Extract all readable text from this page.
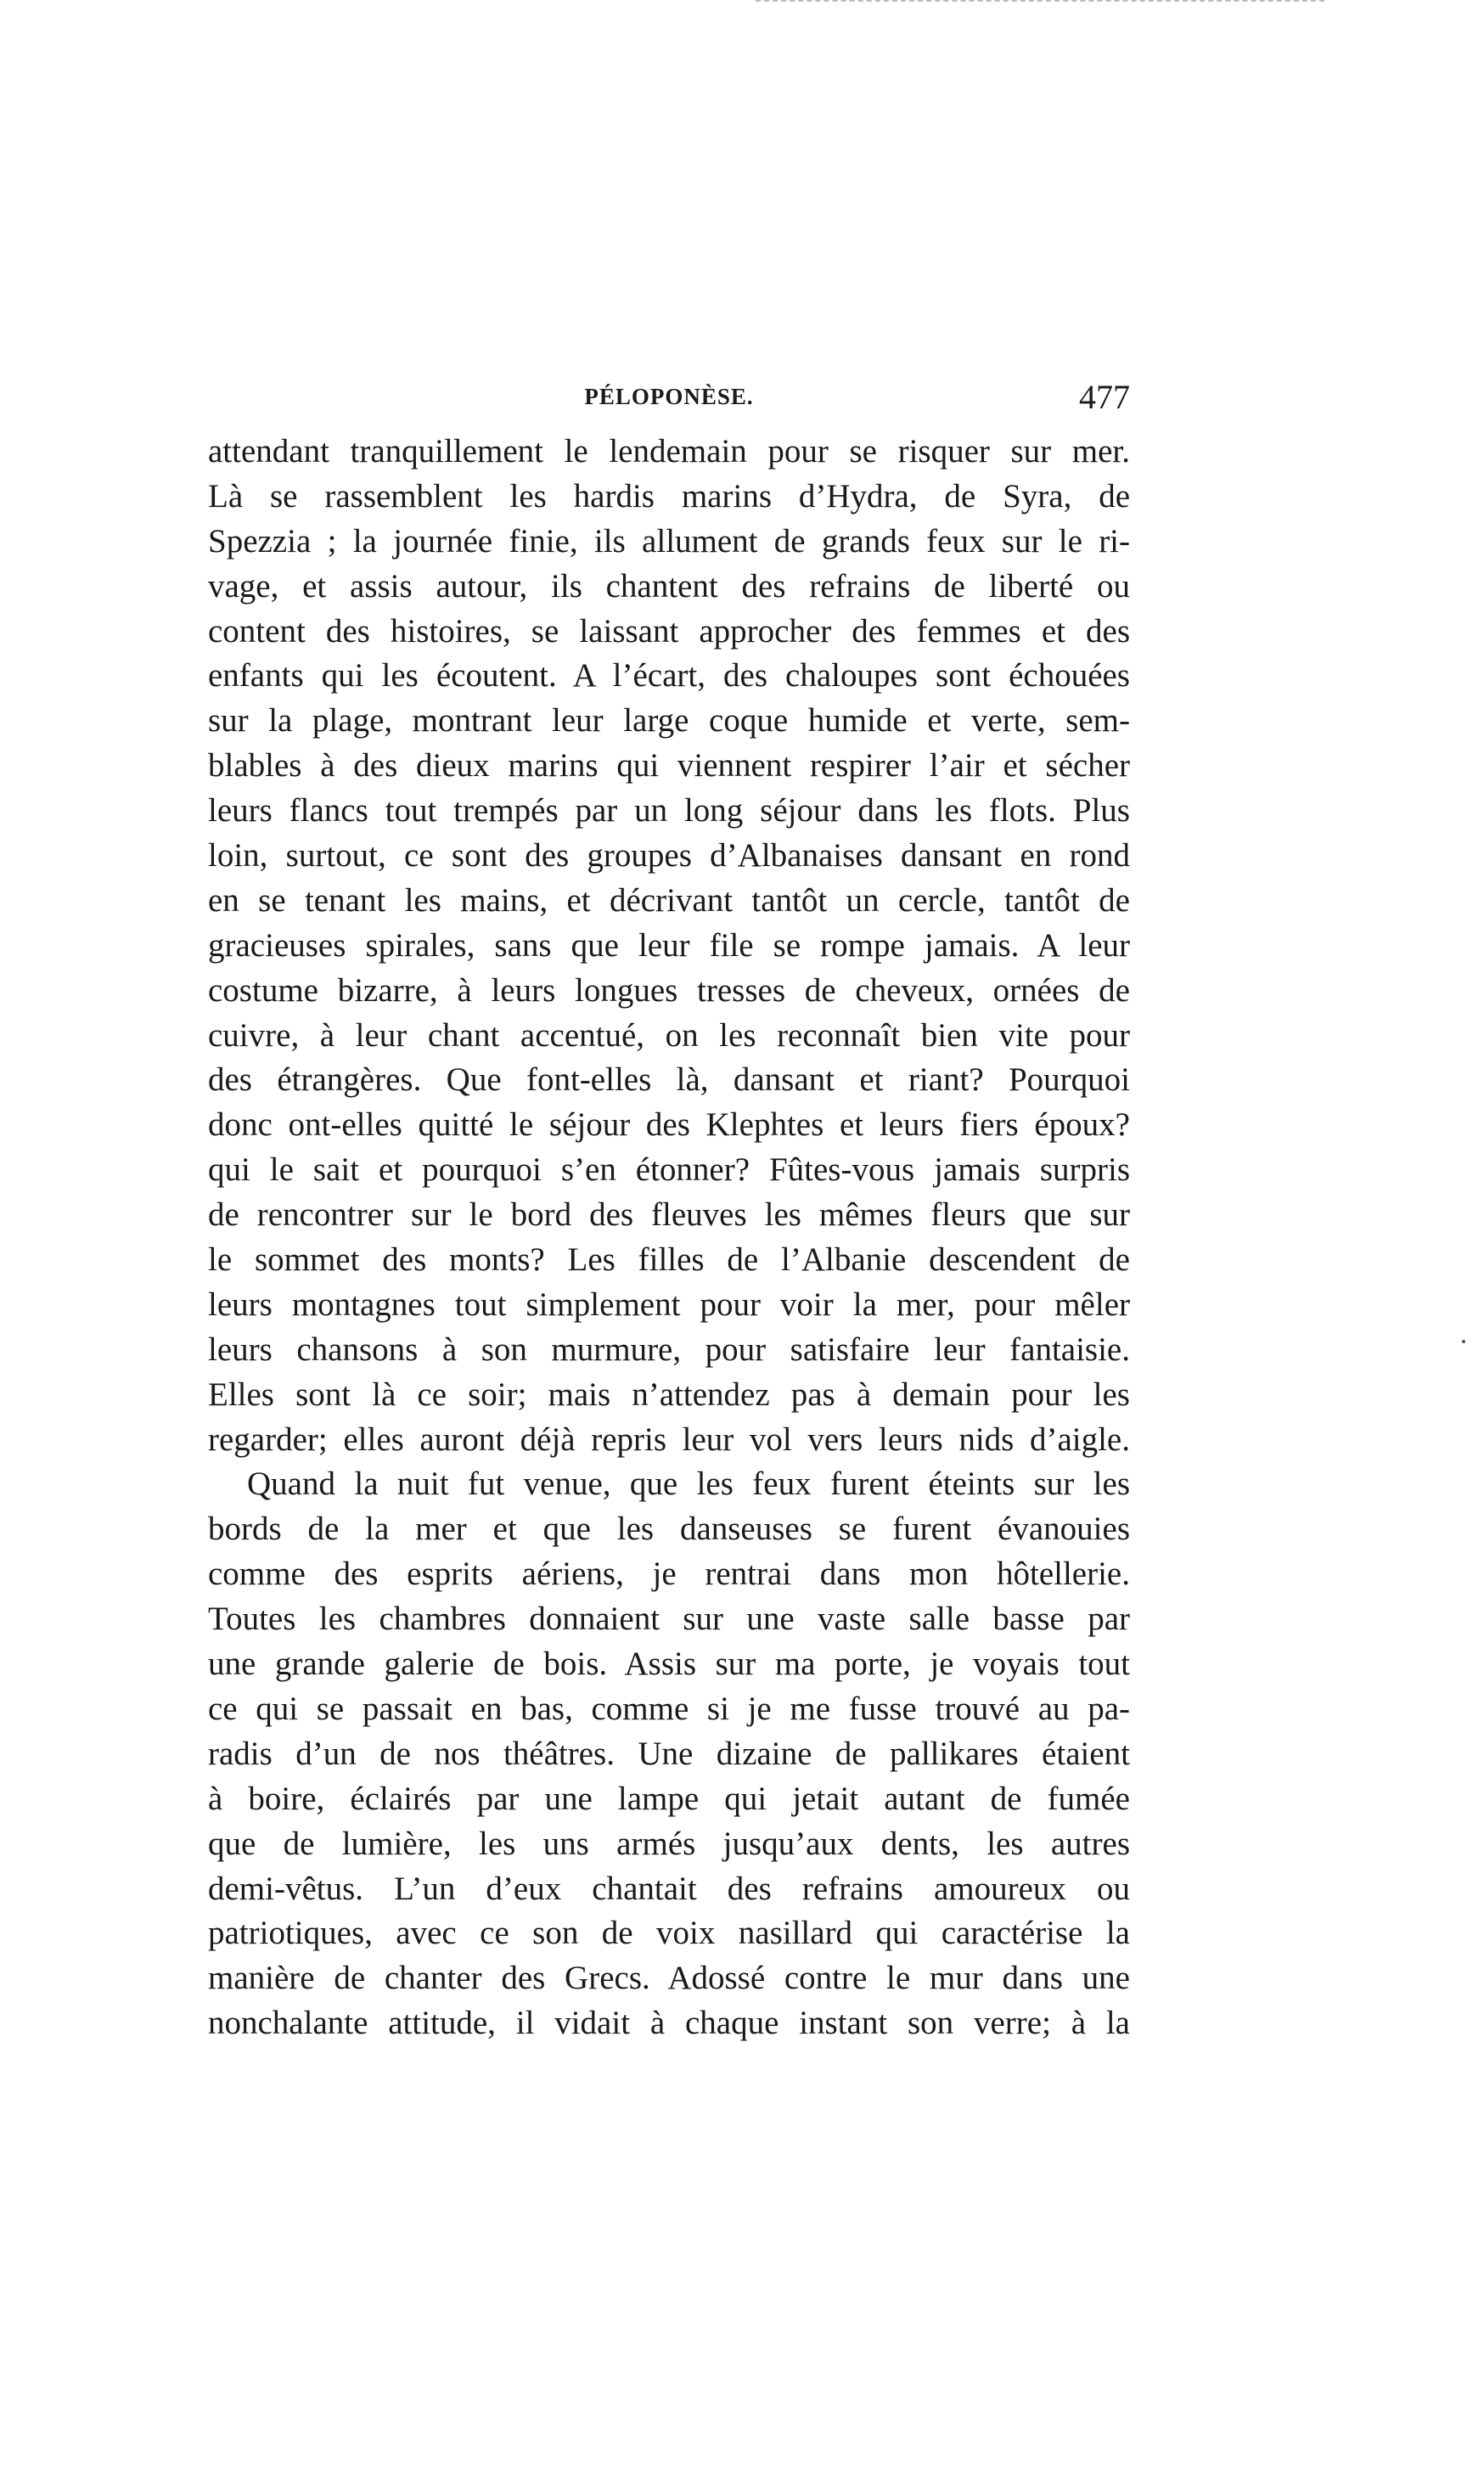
PÉLOPONÈSE.	477
attendant tranquillement le lendemain pour se risquer sur mer.
Là se rassemblent les hardis marins d’Hydra, de Syra, de
Spezzia ; la journée finie, ils allument de grands feux sur le ri-
vage, et assis autour, ils chantent des refrains de liberté ou
content des histoires, se laissant approcher des femmes et des
enfants qui les écoutent. A l’écart, des chaloupes sont échouées
sur la plage, montrant leur large coque humide et verte, sem-
blables à des dieux marins qui viennent respirer l’air et sécher
leurs flancs tout trempés par un long séjour dans les flots. Plus
loin, surtout, ce sont des groupes d’Albanaises dansant en rond
en se tenant les mains, et décrivant tantôt un cercle, tantôt de
gracieuses spirales, sans que leur file se rompe jamais. A leur
costume bizarre, à leurs longues tresses de cheveux, ornées de
cuivre, à leur chant accentué, on les reconnaît bien vite pour
des étrangères. Que font-elles là, dansant et riant? Pourquoi
donc ont-elles quitté le séjour des Klephtes et leurs fiers époux?
qui le sait et pourquoi s’en étonner? Fûtes-vous jamais surpris
de rencontrer sur le bord des fleuves les mêmes fleurs que sur
le sommet des monts? Les filles de l’Albanie descendent de
leurs montagnes tout simplement pour voir la mer, pour mêler
leurs chansons à son murmure, pour satisfaire leur fantaisie.
Elles sont là ce soir; mais n’attendez pas à demain pour les
regarder; elles auront déjà repris leur vol vers leurs nids d’aigle.
Quand la nuit fut venue, que les feux furent éteints sur les
bords de la mer et que les danseuses se furent évanouies
comme des esprits aériens, je rentrai dans mon hôtellerie.
Toutes les chambres donnaient sur une vaste salle basse par
une grande galerie de bois. Assis sur ma porte, je voyais tout
ce qui se passait en bas, comme si je me fusse trouvé au pa-
radis d’un de nos théâtres. Une dizaine de pallikares étaient
à boire, éclairés par une lampe qui jetait autant de fumée
que de lumière, les uns armés jusqu’aux dents, les autres
demi-vêtus. L’un d’eux chantait des refrains amoureux ou
patriotiques, avec ce son de voix nasillard qui caractérise la
manière de chanter des Grecs. Adossé contre le mur dans une
nonchalante attitude, il vidait à chaque instant son verre; à la
